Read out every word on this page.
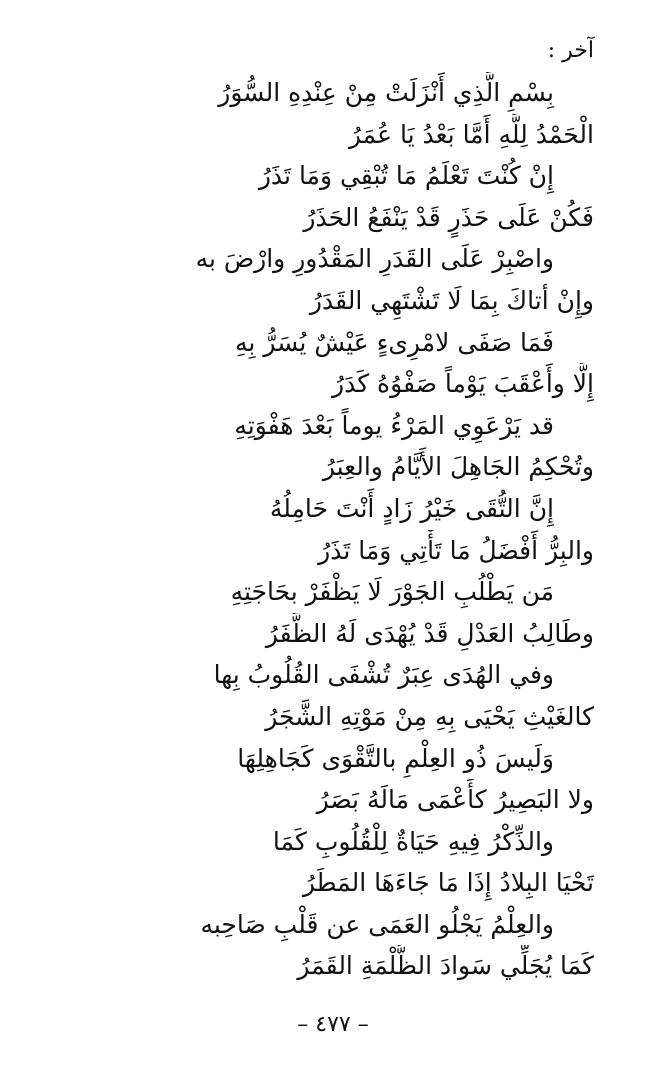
آخر :
بِسْمِ الَّذِي أَنْزَلَتْ مِنْ عِنْدِهِ السُّوَرُ
الْحَمْدُ لِلَّهِ أَمَّا بَعْدُ يَا عُمَرُ
إِنْ كُنْتَ تَعْلَمُ مَا تُبْقِي وَمَا تَذَرُ
فَكُنْ عَلَى حَذَرٍ قَدْ يَنْفَعُ الحَذَرُ
واصْبِرْ عَلَى القَدَرِ المَقْدُورِ وارْضَ به
وإِنْ أتاكَ بِمَا لَا تَشْتَهِي القَدَرُ
فَمَا صَفَى لامْرِىءٍ عَيْشٌ يُسَرُّ بِهِ
إِلَّا وأَعْقَبَ يَوْماً صَفْوُهُ كَدَرُ
قد يَرْعَوِي المَرْءُ يوماً بَعْدَ هَفْوَتِهِ
وتُحْكِمُ الجَاهِلَ الأَيَّامُ والعِبَرُ
إِنَّ التُّقَى خَيْرُ زَادٍ أَنْتَ حَامِلُهُ
والبِرُّ أَفْضَلُ مَا تَأْتِي وَمَا تَذَرُ
مَن يَطْلُبِ الجَوْرَ لَا يَظْفَرْ بحَاجَتِهِ
وطَالِبُ العَدْلِ قَدْ يُهْدَى لَهُ الظَّفَرُ
وفي الهُدَى عِبَرٌ تُشْفَى القُلُوبُ بِها
كالغَيْثِ يَحْيَى بِهِ مِنْ مَوْتِهِ الشَّجَرُ
وَلَيسَ ذُو العِلْمِ بالتَّقْوَى كَجَاهِلِهَا
ولا البَصِيرُ كأَعْمَى مَالَهُ بَصَرُ
والذِّكْرُ فِيهِ حَيَاةٌ لِلْقُلُوبِ كَمَا
تَحْيَا البِلادُ إِذَا مَا جَاءَهَا المَطَرُ
والعِلْمُ يَجْلُو العَمَى عن قَلْبِ صَاحِبه
كَمَا يُجَلِّي سَوادَ الظُّلْمَةِ القَمَرُ
– ٤٧٧ –
